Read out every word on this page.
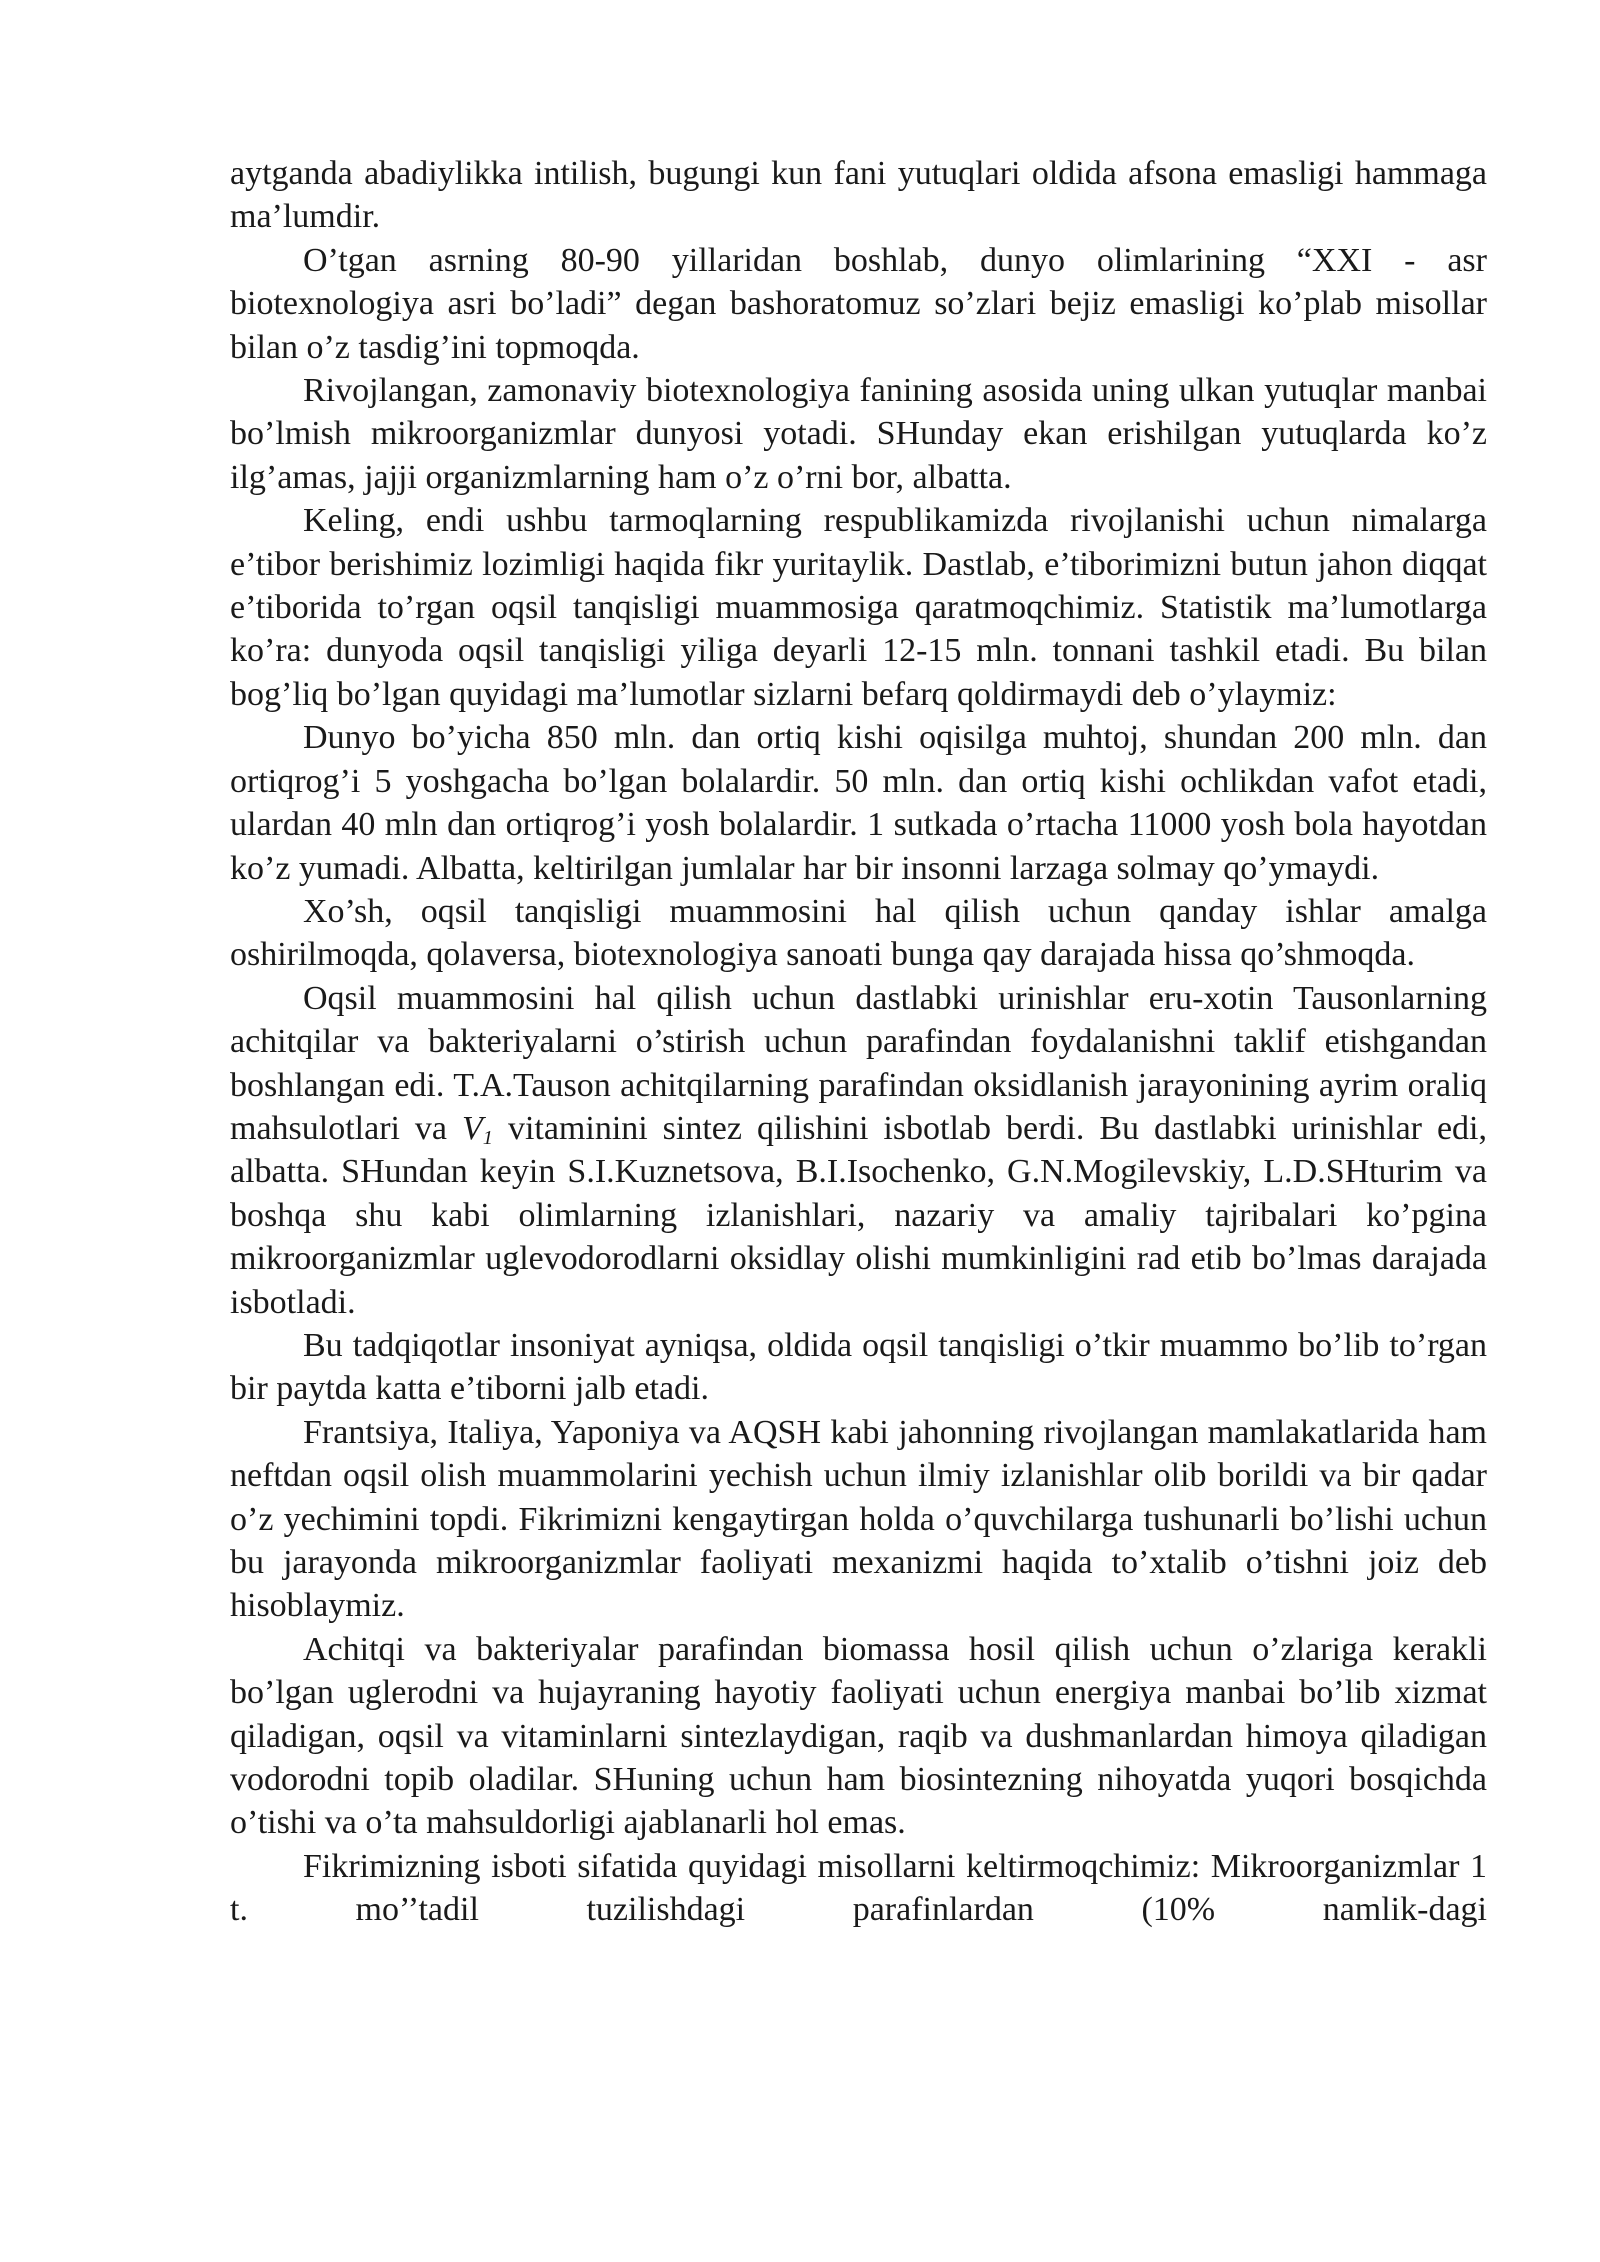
aytganda abadiylikka intilish, bugungi kun fani yutuqlari oldida afsona emasligi hammaga ma’lumdir.

O’tgan asrning 80-90 yillaridan boshlab, dunyo olimlarining “XXI - asr biotexnologiya asri bo’ladi” degan bashoratomuz so’zlari bejiz emasligi ko’plab misollar bilan o’z tasdig’ini topmoqda.

Rivojlangan, zamonaviy biotexnologiya fanining asosida uning ulkan yutuqlar manbai bo’lmish mikroorganizmlar dunyosi yotadi. SHunday ekan erishilgan yutuqlarda ko’z ilg’amas, jajji organizmlarning ham o’z o’rni bor, albatta.

Keling, endi ushbu tarmoqlarning respublikamizda rivojlanishi uchun nimalarga e’tibor berishimiz lozimligi haqida fikr yuritaylik. Dastlab, e’tiborimizni butun jahon diqqat e’tiborida to’rgan oqsil tanqisligi muammosiga qaratmoqchimiz. Statistik ma’lumotlarga ko’ra: dunyoda oqsil tanqisligi yiliga deyarli 12-15 mln. tonnani tashkil etadi. Bu bilan bog’liq bo’lgan quyidagi ma’lumotlar sizlarni befarq qoldirmaydi deb o’ylaymiz:

Dunyo bo’yicha 850 mln. dan ortiq kishi oqisilga muhtoj, shundan 200 mln. dan ortiqrog’i 5 yoshgacha bo’lgan bolalardir. 50 mln. dan ortiq kishi ochlikdan vafot etadi, ulardan 40 mln dan ortiqrog’i yosh bolalardir. 1 sutkada o’rtacha 11000 yosh bola hayotdan ko’z yumadi. Albatta, keltirilgan jumlalar har bir insonni larzaga solmay qo’ymaydi.

Xo’sh, oqsil tanqisligi muammosini hal qilish uchun qanday ishlar amalga oshirilmoqda, qolaversa, biotexnologiya sanoati bunga qay darajada hissa qo’shmoqda.

Oqsil muammosini hal qilish uchun dastlabki urinishlar eru-xotin Tausonlarning achitqilar va bakteriyalarni o’stirish uchun parafindan foydalanishni taklif etishgandan boshlangan edi. T.A.Tauson achitqilarning parafindan oksidlanish jarayonining ayrim oraliq mahsulotlari va $V_1$ vitaminini sintez qilishini isbotlab berdi. Bu dastlabki urinishlar edi, albatta. SHundan keyin S.I.Kuznetsova, B.I.Isochenko, G.N.Mogilevskiy, L.D.SHturim va boshqa shu kabi olimlarning izlanishlari, nazariy va amaliy tajribalari ko’pgina mikroorganizmlar uglevodorodlarni oksidlay olishi mumkinligini rad etib bo’lmas darajada isbotladi.

Bu tadqiqotlar insoniyat ayniqsa, oldida oqsil tanqisligi o’tkir muammo bo’lib to’rgan bir paytda katta e’tiborni jalb etadi.

Frantsiya, Italiya, Yaponiya va AQSH kabi jahonning rivojlangan mamlakatlarida ham neftdan oqsil olish muammolarini yechish uchun ilmiy izlanishlar olib borildi va bir qadar o’z yechimini topdi. Fikrimizni kengaytirgan holda o’quvchilarga tushunarli bo’lishi uchun bu jarayonda mikroorganizmlar faoliyati mexanizmi haqida to’xtalib o’tishni joiz deb hisoblaymiz.

Achitqi va bakteriyalar parafindan biomassa hosil qilish uchun o’zlariga kerakli bo’lgan uglerodni va hujayraning hayotiy faoliyati uchun energiya manbai bo’lib xizmat qiladigan, oqsil va vitaminlarni sintezlaydigan, raqib va dushmanlardan himoya qiladigan vodorodni topib oladilar. SHuning uchun ham biosintezning nihoyatda yuqori bosqichda o’tishi va o’ta mahsuldorligi ajablanarli hol emas.

Fikrimizning isboti sifatida quyidagi misollarni keltirmoqchimiz: Mikroorganizmlar 1 t. mo’’tadil tuzilishdagi parafinlardan (10% namlik-dagi
